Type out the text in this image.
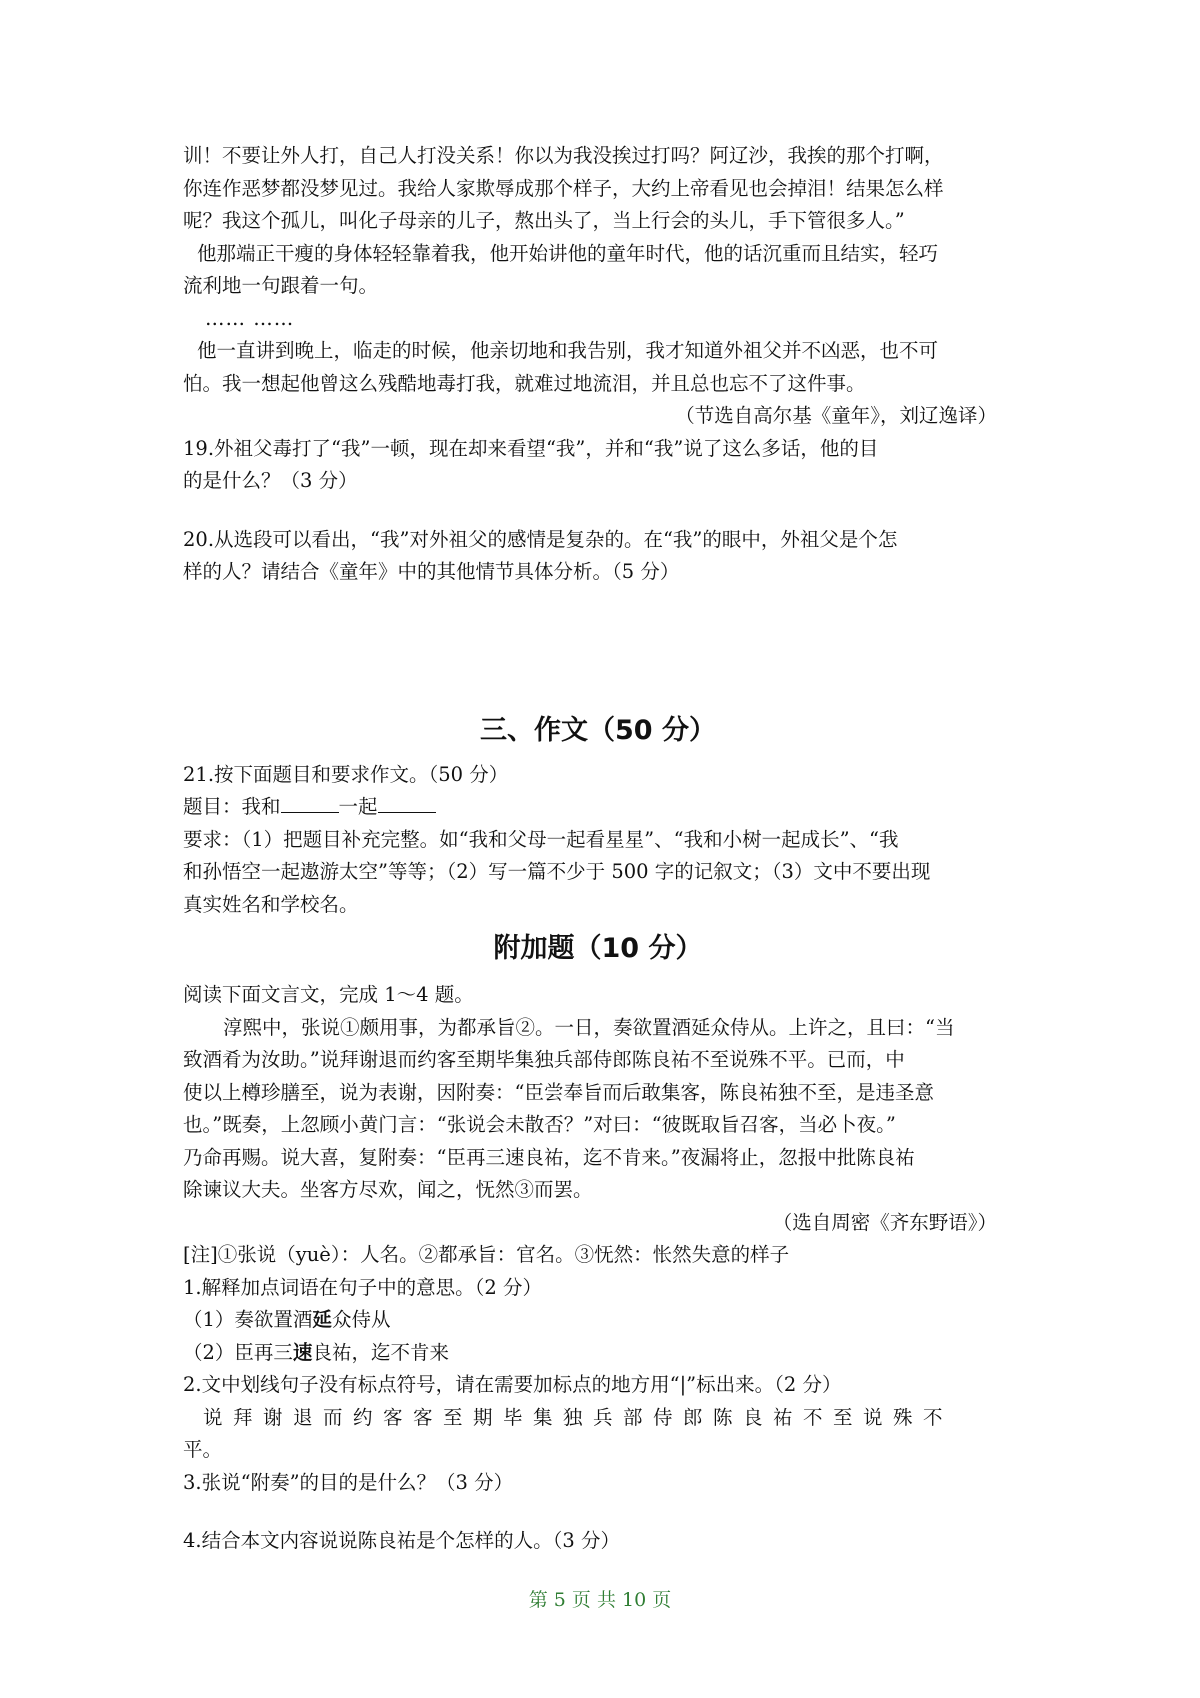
训！不要让外人打，自己人打没关系！你以为我没挨过打吗？阿辽沙，我挨的那个打啊，
你连作恶梦都没梦见过。我给人家欺辱成那个样子，大约上帝看见也会掉泪！结果怎么样
呢？我这个孤儿，叫化子母亲的儿子，熬出头了，当上行会的头儿，手下管很多人。”
他那端正干瘦的身体轻轻靠着我，他开始讲他的童年时代，他的话沉重而且结实，轻巧
流利地一句跟着一句。
…… ……
他一直讲到晚上，临走的时候，他亲切地和我告别，我才知道外祖父并不凶恶，也不可
怕。我一想起他曾这么残酷地毒打我，就难过地流泪，并且总也忘不了这件事。
（节选自高尔基《童年》，刘辽逸译）
19.外祖父毒打了“我”一顿，现在却来看望“我”，并和“我”说了这么多话，他的目
的是什么？（3 分）
20.从选段可以看出，“我”对外祖父的感情是复杂的。在“我”的眼中，外祖父是个怎
样的人？请结合《童年》中的其他情节具体分析。（5 分）
三、作文（50 分）
21.按下面题目和要求作文。（50 分）
题目：我和	一起
要求：（1）把题目补充完整。如“我和父母一起看星星”、“我和小树一起成长”、“我
和孙悟空一起遨游太空”等等；（2）写一篇不少于 500 字的记叙文；（3）文中不要出现
真实姓名和学校名。
附加题（10 分）
阅读下面文言文，完成 1～4 题。
淳熙中，张说①颇用事，为都承旨②。一日，奏欲置酒延众侍从。上许之，且曰：“当
致酒肴为汝助。”说拜谢退而约客至期毕集独兵部侍郎陈良祐不至说殊不平。已而，中
使以上樽珍膳至，说为表谢，因附奏：“臣尝奉旨而后敢集客，陈良祐独不至，是违圣意
也。”既奏，上忽顾小黄门言：“张说会未散否？”对曰：“彼既取旨召客，当必卜夜。”
乃命再赐。说大喜，复附奏：“臣再三速良祐，迄不肯来。”夜漏将止，忽报中批陈良祐
除谏议大夫。坐客方尽欢，闻之，怃然③而罢。
（选自周密《齐东野语》）
[注]①张说（yuè）：人名。②都承旨：官名。③怃然：怅然失意的样子
1.解释加点词语在句子中的意思。（2 分）
（1）奏欲置酒延众侍从
（2）臣再三速良祐，迄不肯来
2.文中划线句子没有标点符号，请在需要加标点的地方用“|”标出来。（2 分）
说拜谢退而约客客至期毕集独兵部侍郎陈良祐不至说殊不
平。
3.张说“附奏”的目的是什么？（3 分）
4.结合本文内容说说陈良祐是个怎样的人。（3 分）
第 5 页 共 10 页
